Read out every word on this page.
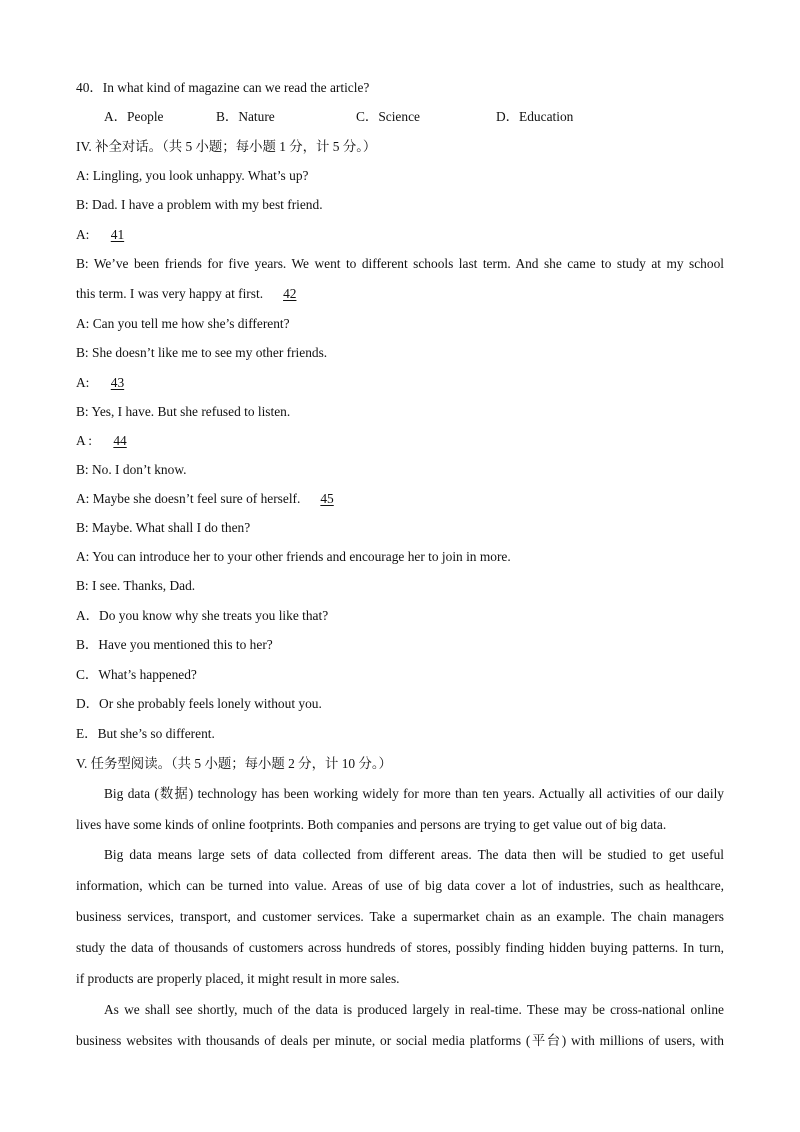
40．In what kind of magazine can we read the article?
A．People	B．Nature	C．Science	D．Education
IV. 补全对话。（共 5 小题；每小题 1 分，计 5 分。）
A: Lingling, you look unhappy. What’s up?
B: Dad. I have a problem with my best friend.
A: 41
B: We’ve been friends for five years. We went to different schools last term. And she came to study at my school
this term. I was very happy at first. 42
A: Can you tell me how she’s different?
B: She doesn’t like me to see my other friends.
A: 43
B: Yes, I have. But she refused to listen.
A : 44
B: No. I don’t know.
A: Maybe she doesn’t feel sure of herself. 45
B: Maybe. What shall I do then?
A: You can introduce her to your other friends and encourage her to join in more.
B: I see. Thanks, Dad.
A．Do you know why she treats you like that?
B．Have you mentioned this to her?
C．What’s happened?
D．Or she probably feels lonely without you.
E．But she’s so different.
V. 任务型阅读。（共 5 小题；每小题 2 分，计 10 分。）
Big data (数据) technology has been working widely for more than ten years. Actually all activities of our daily
lives have some kinds of online footprints. Both companies and persons are trying to get value out of big data.
Big data means large sets of data collected from different areas. The data then will be studied to get useful
information, which can be turned into value. Areas of use of big data cover a lot of industries, such as healthcare,
business services, transport, and customer services. Take a supermarket chain as an example. The chain managers
study the data of thousands of customers across hundreds of stores, possibly finding hidden buying patterns. In turn,
if products are properly placed, it might result in more sales.
As we shall see shortly, much of the data is produced largely in real-time. These may be cross-national online
business websites with thousands of deals per minute, or social media platforms (平台) with millions of users, with
